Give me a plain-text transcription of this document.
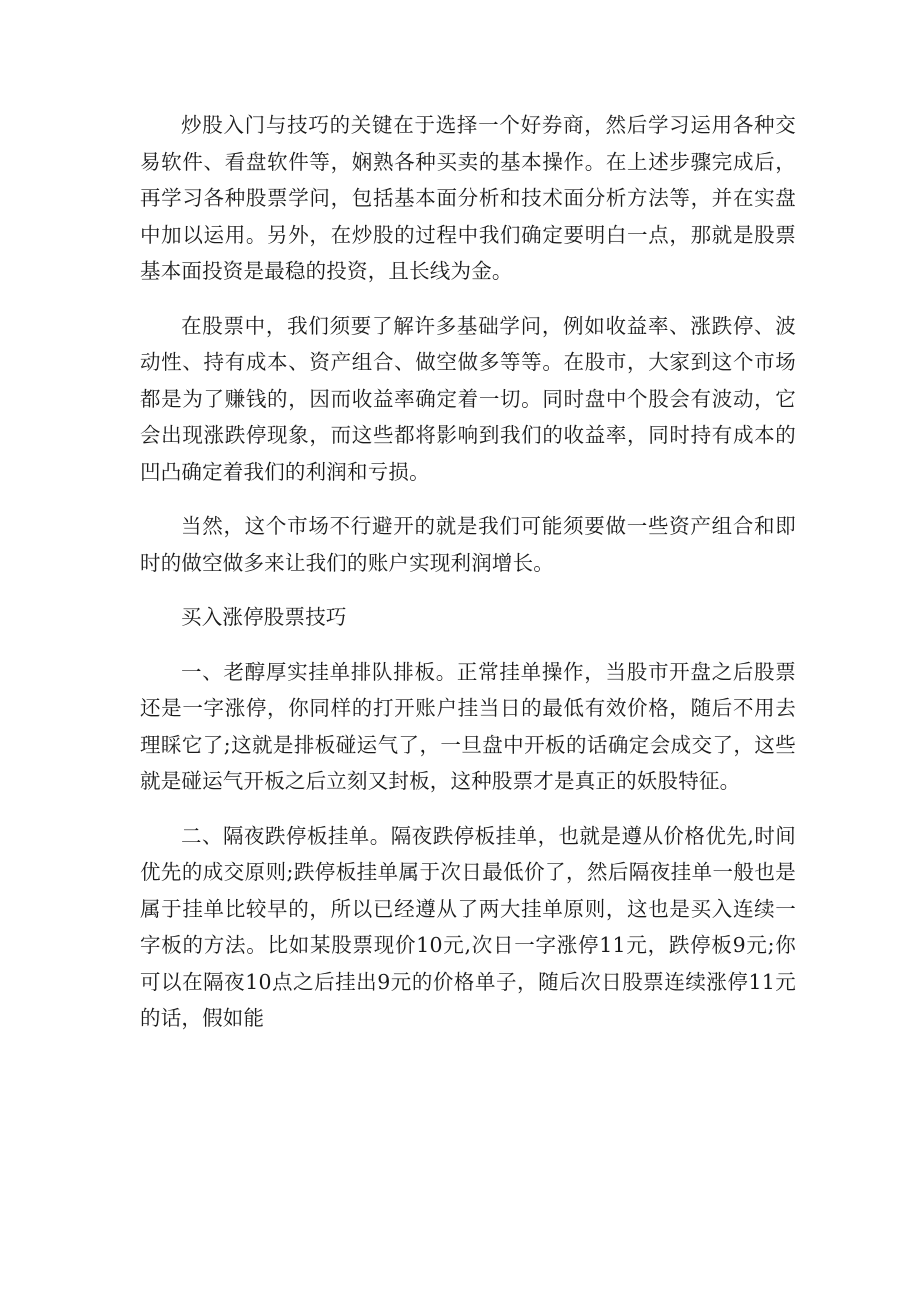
炒股入门与技巧的关键在于选择一个好券商，然后学习运用各种交易软件、看盘软件等，娴熟各种买卖的基本操作。在上述步骤完成后，再学习各种股票学问，包括基本面分析和技术面分析方法等，并在实盘中加以运用。另外，在炒股的过程中我们确定要明白一点，那就是股票基本面投资是最稳的投资，且长线为金。

在股票中，我们须要了解许多基础学问，例如收益率、涨跌停、波动性、持有成本、资产组合、做空做多等等。在股市，大家到这个市场都是为了赚钱的，因而收益率确定着一切。同时盘中个股会有波动，它会出现涨跌停现象，而这些都将影响到我们的收益率，同时持有成本的凹凸确定着我们的利润和亏损。

当然，这个市场不行避开的就是我们可能须要做一些资产组合和即时的做空做多来让我们的账户实现利润增长。

买入涨停股票技巧

一、老醇厚实挂单排队排板。正常挂单操作，当股市开盘之后股票还是一字涨停，你同样的打开账户挂当日的最低有效价格，随后不用去理睬它了;这就是排板碰运气了，一旦盘中开板的话确定会成交了，这些就是碰运气开板之后立刻又封板，这种股票才是真正的妖股特征。

二、隔夜跌停板挂单。隔夜跌停板挂单，也就是遵从价格优先,时间优先的成交原则;跌停板挂单属于次日最低价了，然后隔夜挂单一般也是属于挂单比较早的，所以已经遵从了两大挂单原则，这也是买入连续一字板的方法。比如某股票现价10元,次日一字涨停11元，跌停板9元;你可以在隔夜10点之后挂出9元的价格单子，随后次日股票连续涨停11元的话，假如能
